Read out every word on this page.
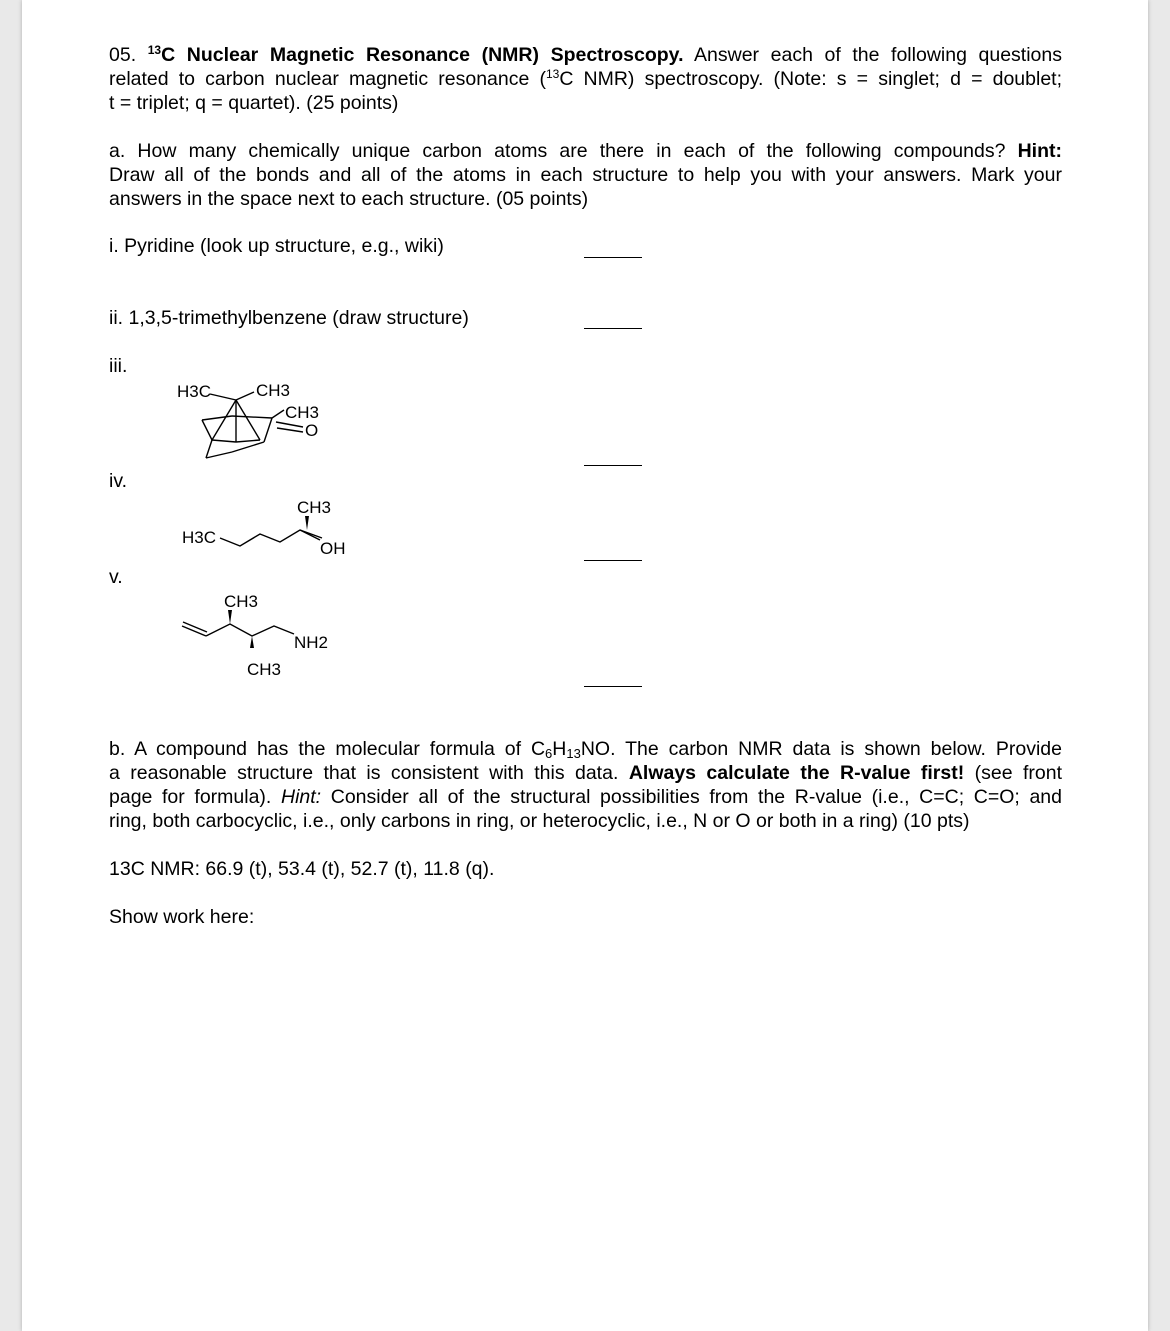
05. $^{13}$C Nuclear Magnetic Resonance (NMR) Spectroscopy. Answer each of the following questions

related to carbon nuclear magnetic resonance ($^{13}$C NMR) spectroscopy. (Note: s = singlet; d = doublet;

t = triplet; q = quartet). (25 points)

a. How many chemically unique carbon atoms are there in each of the following compounds? Hint:

Draw all of the bonds and all of the atoms in each structure to help you with your answers. Mark your

answers in the space next to each structure. (05 points)

i. Pyridine (look up structure, e.g., wiki)
ii. 1,3,5-trimethylbenzene (draw structure)
iii.
iv.
v.
H3C	CH3
CH3
O
H3C
CH3
OH
CH3
NH2
CH3

b. A compound has the molecular formula of $C_6H_{13}NO$. The carbon NMR data is shown below. Provide

a reasonable structure that is consistent with this data. Always calculate the R-value first! (see front

page for formula). Hint: Consider all of the structural possibilities from the R-value (i.e., C=C; C=O; and

ring, both carbocyclic, i.e., only carbons in ring, or heterocyclic, i.e., N or O or both in a ring) (10 pts)

13C NMR: 66.9 (t), 53.4 (t), 52.7 (t), 11.8 (q).

Show work here:
